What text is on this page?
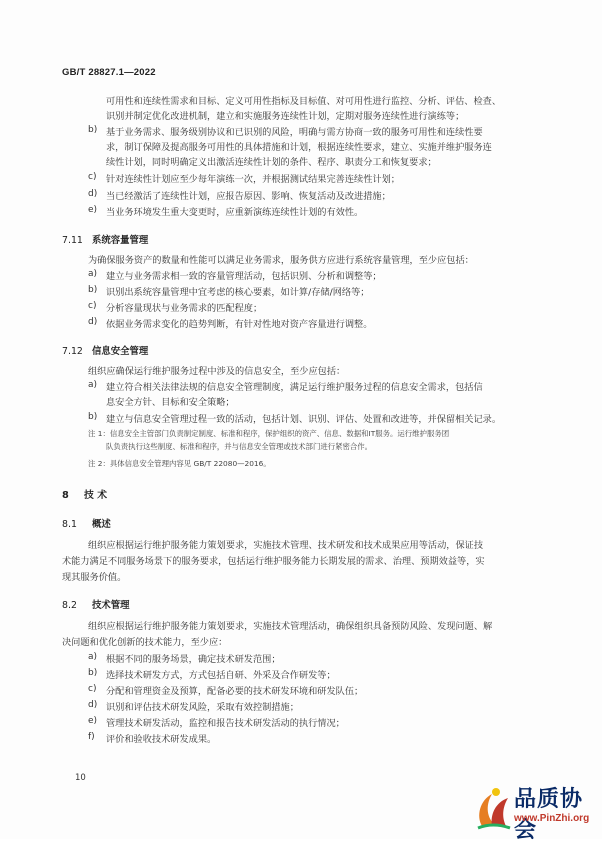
GB/T 28827.1—2022
可用性和连续性需求和目标、定义可用性指标及目标值、对可用性进行监控、分析、评估、检查、
识别并制定优化改进机制，建立和实施服务连续性计划，定期对服务连续性进行演练等；
b) 基于业务需求、服务级别协议和已识别的风险，明确与需方协商一致的服务可用性和连续性要
求，制订保障及提高服务可用性的具体措施和计划，根据连续性要求，建立、实施并维护服务连
续性计划，同时明确定义出激活连续性计划的条件、程序、职责分工和恢复要求；
c)	针对连续性计划应至少每年演练一次，并根据测试结果完善连续性计划；
d) 当已经激活了连续性计划，应报告原因、影响、恢复活动及改进措施；
e) 当业务环境发生重大变更时，应重新演练连续性计划的有效性。
7.11 系统容量管理
为确保服务资产的数量和性能可以满足业务需求，服务供方应进行系统容量管理，至少应包括：
a) 建立与业务需求相一致的容量管理活动，包括识别、分析和调整等；
b) 识别出系统容量管理中宜考虑的核心要素，如计算/存储/网络等；
c)	分析容量现状与业务需求的匹配程度；
d) 依据业务需求变化的趋势判断，有针对性地对资产容量进行调整。
7.12 信息安全管理
组织应确保运行维护服务过程中涉及的信息安全，至少应包括：
a) 建立符合相关法律法规的信息安全管理制度，满足运行维护服务过程的信息安全需求，包括信
息安全方针、目标和安全策略；
b) 建立与信息安全管理过程一致的活动，包括计划、识别、评估、处置和改进等，并保留相关记录。
注 1：信息安全主管部门负责制定制度、标准和程序，保护组织的资产、信息、数据和IT服务。运行维护服务团
队负责执行这些制度、标准和程序，并与信息安全管理或技术部门进行紧密合作。
注 2：具体信息安全管理内容见 GB/T 22080—2016。
8 技 术
8.1 概述
组织应根据运行维护服务能力策划要求，实施技术管理、技术研发和技术成果应用等活动，保证技
术能力满足不同服务场景下的服务要求，包括运行维护服务能力长期发展的需求、治理、预期效益等，实
现其服务价值。
8.2 技术管理
组织应根据运行维护服务能力策划要求，实施技术管理活动，确保组织具备预防风险、发现问题、解
决问题和优化创新的技术能力，至少应：
a) 根据不同的服务场景，确定技术研发范围；
b) 选择技术研发方式，方式包括自研、外采及合作研发等；
c)	分配和管理资金及预算，配备必要的技术研发环境和研发队伍；
d) 识别和评估技术研发风险，采取有效控制措施；
e) 管理技术研发活动，监控和报告技术研发活动的执行情况；
f)	评价和验收技术研发成果。
10
品质协会
www.PinZhi.org
